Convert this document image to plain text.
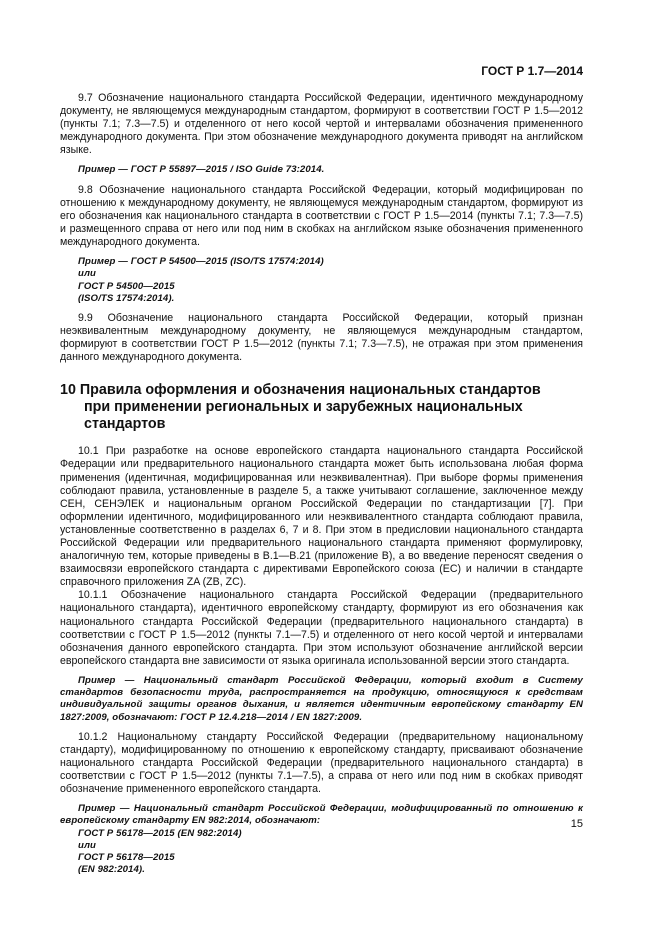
ГОСТ Р 1.7—2014

9.7 Обозначение национального стандарта Российской Федерации, идентичного международному документу, не являющемуся международным стандартом, формируют в соответствии ГОСТ Р 1.5—2012 (пункты 7.1; 7.3—7.5) и отделенного от него косой чертой и интервалами обозначения примененного международного документа. При этом обозначение международного документа приводят на английском языке.

Пример — ГОСТ Р 55897—2015 / ISO Guide 73:2014.

9.8 Обозначение национального стандарта Российской Федерации, который модифицирован по отношению к международному документу, не являющемуся международным стандартом, формируют из его обозначения как национального стандарта в соответствии с ГОСТ Р 1.5—2014 (пункты 7.1; 7.3—7.5) и размещенного справа от него или под ним в скобках на английском языке обозначения примененного международного документа.

Пример — ГОСТ Р 54500—2015 (ISO/TS 17574:2014)

или

ГОСТ Р 54500—2015

(ISO/TS 17574:2014).

9.9 Обозначение национального стандарта Российской Федерации, который признан неэквивалентным международному документу, не являющемуся международным стандартом, формируют в соответствии ГОСТ Р 1.5—2012 (пункты 7.1; 7.3—7.5), не отражая при этом применения данного международного документа.

10 Правила оформления и обозначения национальных стандартов
при применении региональных и зарубежных национальных стандартов

10.1 При разработке на основе европейского стандарта национального стандарта Российской Федерации или предварительного национального стандарта может быть использована любая форма применения (идентичная, модифицированная или неэквивалентная). При выборе формы применения соблюдают правила, установленные в разделе 5, а также учитывают соглашение, заключенное между СЕН, СЕНЭЛЕК и национальным органом Российской Федерации по стандартизации [7]. При оформлении идентичного, модифицированного или неэквивалентного стандарта соблюдают правила, установленные соответственно в разделах 6, 7 и 8. При этом в предисловии национального стандарта Российской Федерации или предварительного национального стандарта применяют формулировку, аналогичную тем, которые приведены в В.1—В.21 (приложение В), а во введение переносят сведения о взаимосвязи европейского стандарта с директивами Европейского союза (ЕС) и наличии в стандарте справочного приложения ZA (ZB, ZC).

10.1.1 Обозначение национального стандарта Российской Федерации (предварительного национального стандарта), идентичного европейскому стандарту, формируют из его обозначения как национального стандарта Российской Федерации (предварительного национального стандарта) в соответствии с ГОСТ Р 1.5—2012 (пункты 7.1—7.5) и отделенного от него косой чертой и интервалами обозначения данного европейского стандарта. При этом используют обозначение английской версии европейского стандарта вне зависимости от языка оригинала использованной версии этого стандарта.

Пример — Национальный стандарт Российской Федерации, который входит в Систему стандартов безопасности труда, распространяется на продукцию, относящуюся к средствам индивидуальной защиты органов дыхания, и является идентичным европейскому стандарту EN 1827:2009, обозначают: ГОСТ Р 12.4.218—2014 / EN 1827:2009.

10.1.2 Национальному стандарту Российской Федерации (предварительному национальному стандарту), модифицированному по отношению к европейскому стандарту, присваивают обозначение национального стандарта Российской Федерации (предварительного национального стандарта) в соответствии с ГОСТ Р 1.5—2012 (пункты 7.1—7.5), а справа от него или под ним в скобках приводят обозначение примененного европейского стандарта.

Пример — Национальный стандарт Российской Федерации, модифицированный по отношению к европейскому стандарту EN 982:2014, обозначают:

ГОСТ Р 56178—2015 (EN 982:2014)

или

ГОСТ Р 56178—2015

(EN 982:2014).

15
